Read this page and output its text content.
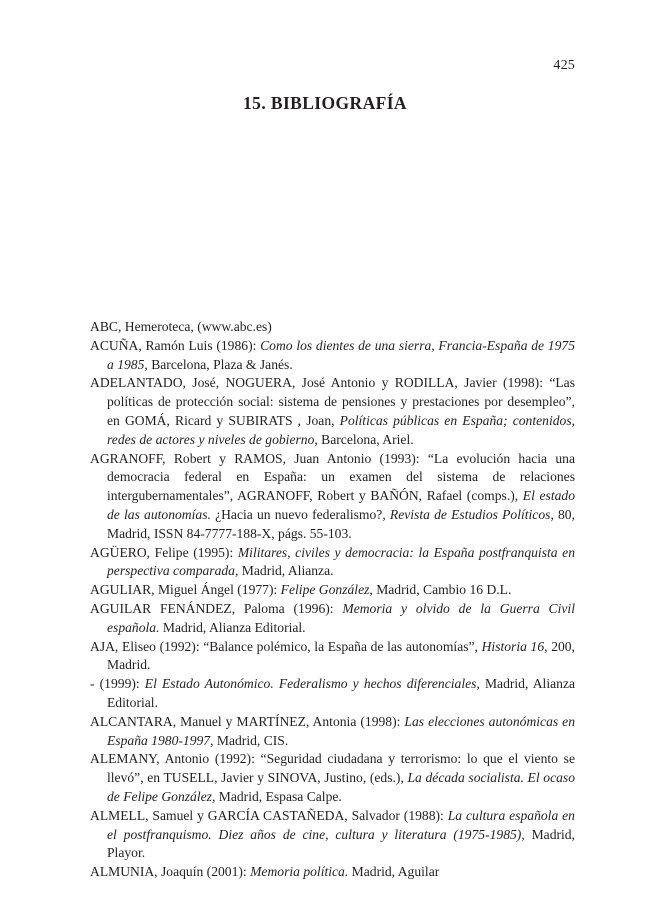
425
15. BIBLIOGRAFÍA

ABC, Hemeroteca, (www.abc.es)

ACUÑA, Ramón Luis (1986): Como los dientes de una sierra, Francia-España de 1975 a 1985, Barcelona, Plaza & Janés.

ADELANTADO, José, NOGUERA, José Antonio y RODILLA, Javier (1998): “Las políticas de protección social: sistema de pensiones y prestaciones por desempleo”, en GOMÁ, Ricard y SUBIRATS , Joan, Políticas públicas en España; contenidos, redes de actores y niveles de gobierno, Barcelona, Ariel.

AGRANOFF, Robert y RAMOS, Juan Antonio (1993): “La evolución hacia una democracia federal en España: un examen del sistema de relaciones intergubernamentales”, AGRANOFF, Robert y BAÑÓN, Rafael (comps.), El estado de las autonomías. ¿Hacia un nuevo federalismo?, Revista de Estudios Políticos, 80, Madrid, ISSN 84-7777-188-X, págs. 55-103.

AGÜERO, Felipe (1995): Militares, civiles y democracia: la España postfranquista en perspectiva comparada, Madrid, Alianza.

AGULIAR, Miguel Ángel (1977): Felipe González, Madrid, Cambio 16 D.L.

AGUILAR FENÁNDEZ, Paloma (1996): Memoria y olvido de la Guerra Civil española. Madrid, Alianza Editorial.

AJA, Eliseo (1992): “Balance polémico, la España de las autonomías”, Historia 16, 200, Madrid.

- (1999): El Estado Autonómico. Federalismo y hechos diferenciales, Madrid, Alianza Editorial.

ALCANTARA, Manuel y MARTÍNEZ, Antonia (1998): Las elecciones autonómicas en España 1980-1997, Madrid, CIS.

ALEMANY, Antonio (1992): “Seguridad ciudadana y terrorismo: lo que el viento se llevó”, en TUSELL, Javier y SINOVA, Justino, (eds.), La década socialista. El ocaso de Felipe González, Madrid, Espasa Calpe.

ALMELL, Samuel y GARCÍA CASTAÑEDA, Salvador (1988): La cultura española en el postfranquismo. Diez años de cine, cultura y literatura (1975-1985), Madrid, Playor.

ALMUNIA, Joaquín (2001): Memoria política. Madrid, Aguilar
